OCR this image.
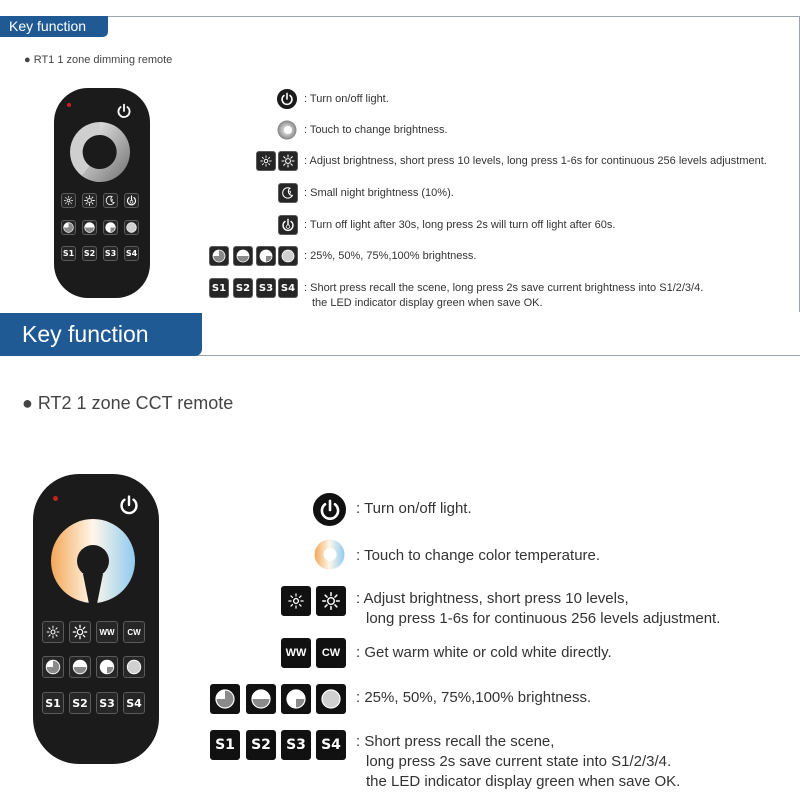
Key function
● RT1 1 zone dimming remote
S1 S2 S3 S4
S1 S2 S3 S4
: Turn on/off light.
: Touch to change brightness.
: Adjust brightness, short press 10 levels, long press 1-6s for continuous 256 levels adjustment.
: Small night brightness (10%).
: Turn off light after 30s, long press 2s will turn off light after 60s.
: 25%, 50%, 75%,100% brightness.
: Short press recall the scene, long press 2s save current brightness into S1/2/3/4.
the LED indicator display green when save OK.
Key function
● RT2 1 zone CCT remote
WW	CW
S1 S2 S3 S4
WW	CW
S1	S2	S3	S4
: Turn on/off light.
: Touch to change color temperature.
: Adjust brightness, short press 10 levels,
long press 1-6s for continuous 256 levels adjustment.
: Get warm white or cold white directly.
: 25%, 50%, 75%,100% brightness.
: Short press recall the scene,
long press 2s save current state into S1/2/3/4.
the LED indicator display green when save OK.
